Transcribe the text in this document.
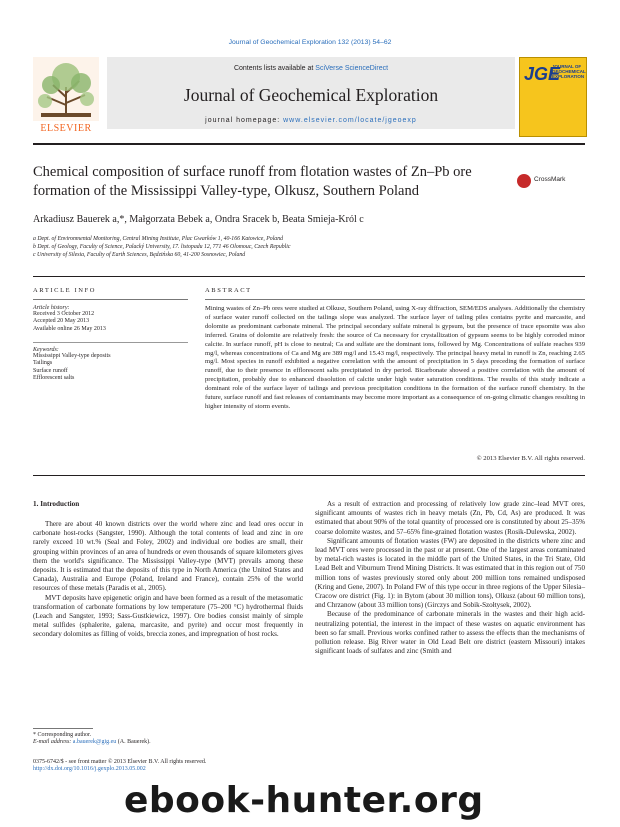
Journal of Geochemical Exploration 132 (2013) 54–62
ELSEVIER
Contents lists available at SciVerse ScienceDirect
Journal of Geochemical Exploration
journal homepage: www.elsevier.com/locate/jgeoexp
JGE
JOURNAL OF GEOCHEMICAL EXPLORATION
Chemical composition of surface runoff from flotation wastes of Zn–Pb ore formation of the Mississippi Valley-type, Olkusz, Southern Poland
CrossMark
Arkadiusz Bauerek a,*, Małgorzata Bebek a, Ondra Sracek b, Beata Smieja-Król c
a Dept. of Environmental Monitoring, Central Mining Institute, Plac Gwarków 1, 40-166 Katowice, Poland
b Dept. of Geology, Faculty of Science, Palacký University, 17. listopadu 12, 771 46 Olomouc, Czech Republic
c University of Silesia, Faculty of Earth Sciences, Będzińska 60, 41-200 Sosnowiec, Poland
ARTICLE INFO	ABSTRACT
Article history:
Received 3 October 2012
Accepted 20 May 2013
Available online 26 May 2013
Keywords:
Mississippi Valley-type deposits
Tailings
Surface runoff
Efflorescent salts
Mining wastes of Zn–Pb ores were studied at Olkusz, Southern Poland, using X-ray diffraction, SEM/EDS analyses. Additionally the chemistry of surface water runoff collected on the tailings slope was analyzed. The surface layer of tailing piles contains pyrite and marcasite, and dolomite as predominant carbonate mineral. The principal secondary sulfate mineral is gypsum, but the presence of trace epsomite was also inferred. Grains of dolomite are relatively fresh: the source of Ca necessary for crystallization of gypsum seems to be highly corroded minor calcite. In surface runoff, pH is close to neutral; Ca and sulfate are the dominant ions, followed by Mg. Concentrations of sulfate reaches 939 mg/l, whereas concentrations of Ca and Mg are 389 mg/l and 15.43 mg/l, respectively. The principal heavy metal in runoff is Zn, reaching 2.65 mg/l. Most species in runoff exhibited a negative correlation with the amount of precipitation in 5 days preceding the formation of surface runoff, due to their presence in efflorescent salts precipitated in dry period. Bicarbonate showed a positive correlation with the amount of precipitation, probably due to enhanced dissolution of calcite under high water saturation conditions. The results of this study indicate a dominant role of the surface layer of tailings and previous precipitation conditions in the formation of the surface runoff chemistry. In the future, surface runoff and fast releases of contaminants may become more important as a consequence of on-going climatic changes resulting in higher intensity of storm events.
© 2013 Elsevier B.V. All rights reserved.
1. Introduction

There are about 40 known districts over the world where zinc and lead ores occur in carbonate host-rocks (Sangster, 1990). Although the total contents of lead and zinc in ore rarely exceed 10 wt.% (Seal and Foley, 2002) and individual ore bodies are small, their grouping within provinces of an area of hundreds or even thousands of square kilometers gives them the world's significance. The Mississippi Valley-type (MVT) prevails among these deposits. It is estimated that the deposits of this type in North America (the United States and Canada), Australia and Europe (Poland, Ireland and France), contain 25% of the world resources of these metals (Paradis et al., 2005).

MVT deposits have epigenetic origin and have been formed as a result of the metasomatic transformation of carbonate formations by low temperature (75–200 °C) hydrothermal fluids (Leach and Sangster, 1993; Sass-Gustkiewicz, 1997). Ore bodies consist mainly of simple metal sulfides (sphalerite, galena, marcasite, and pyrite) and occur most frequently in secondary dolomites as filling of voids, breccia zones, and impregnation of host rocks.

As a result of extraction and processing of relatively low grade zinc–lead MVT ores, significant amounts of wastes rich in heavy metals (Zn, Pb, Cd, As) are produced. It was estimated that about 90% of the total quantity of processed ore is constituted by about 25–35% coarse dolomite wastes, and 57–65% fine-grained flotation wastes (Rosik-Dulewska, 2002).

Significant amounts of flotation wastes (FW) are deposited in the districts where zinc and lead MVT ores were processed in the past or at present. One of the largest areas contaminated by metal-rich wastes is located in the middle part of the United States, in the Tri State, Old Lead Belt and Viburnum Trend Mining Districts. It was estimated that in this region out of 750 million tons of wastes previously stored only about 200 million tons remained undisposed (Kring and Gene, 2007). In Poland FW of this type occur in three regions of the Upper Silesia–Cracow ore district (Fig. 1): in Bytom (about 30 million tons), Olkusz (about 60 million tons), and Chrzanow (about 33 million tons) (Girczys and Sobik-Szołtysek, 2002).

Because of the predominance of carbonate minerals in the wastes and their high acid-neutralizing potential, the interest in the impact of these wastes on aquatic environment has been so far small. Previous works confined rather to assess the effects than the mechanisms of pollution release. Big River water in Old Lead Belt ore district (eastern Missouri) intakes significant loads of sulfates and zinc (Smith and

* Corresponding author.
E-mail address: a.bauerek@gig.eu (A. Bauerek).
0375-6742/$ - see front matter © 2013 Elsevier B.V. All rights reserved.
http://dx.doi.org/10.1016/j.gexplo.2013.05.002
ebook-hunter.org
